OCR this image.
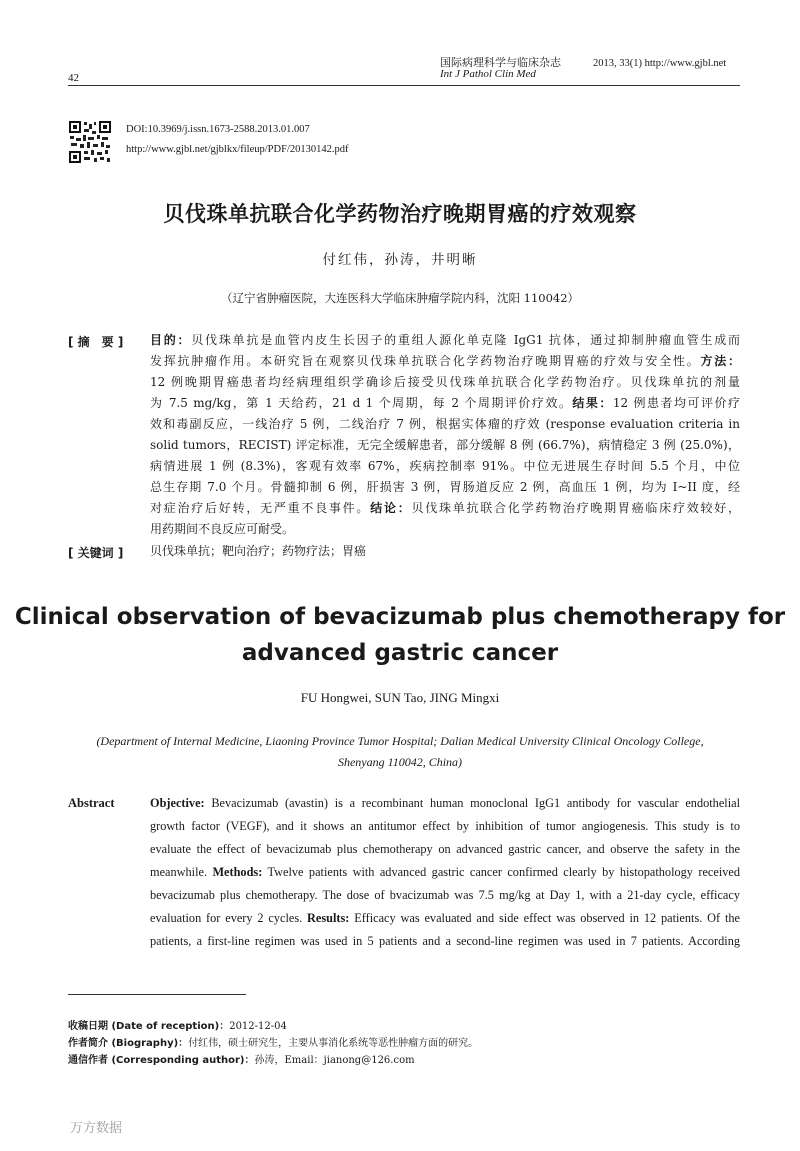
42
国际病理科学与临床杂志
Int J Pathol Clin Med
2013, 33(1) http://www.gjbl.net
DOI:10.3969/j.issn.1673-2588.2013.01.007
http://www.gjbl.net/gjblkx/fileup/PDF/20130142.pdf
贝伐珠单抗联合化学药物治疗晚期胃癌的疗效观察
付红伟，孙涛，井明晰
（辽宁省肿瘤医院，大连医科大学临床肿瘤学院内科，沈阳 110042）
[ 摘　要 ] 目的：贝伐珠单抗是血管内皮生长因子的重组人源化单克隆 IgG1 抗体，通过抑制肿瘤血管生成而
发挥抗肿瘤作用。本研究旨在观察贝伐珠单抗联合化学药物治疗晚期胃癌的疗效与安全性。方法：
12 例晚期胃癌患者均经病理组织学确诊后接受贝伐珠单抗联合化学药物治疗。贝伐珠单抗的剂量
为 7.5 mg/kg，第 1 天给药，21 d 1 个周期，每 2 个周期评价疗效。结果：12 例患者均可评价疗
效和毒副反应，一线治疗 5 例，二线治疗 7 例，根据实体瘤的疗效 (response evaluation criteria in
solid tumors，RECIST) 评定标准，无完全缓解患者，部分缓解 8 例 (66.7%)，病情稳定 3 例 (25.0%)，
病情进展 1 例 (8.3%)，客观有效率 67%，疾病控制率 91%。中位无进展生存时间 5.5 个月，中位
总生存期 7.0 个月。骨髓抑制 6 例，肝损害 3 例，胃肠道反应 2 例，高血压 1 例，均为 I~II 度，经
对症治疗后好转，无严重不良事件。结论：贝伐珠单抗联合化学药物治疗晚期胃癌临床疗效较好，
用药期间不良反应可耐受。
[ 关键词 ] 贝伐珠单抗；靶向治疗；药物疗法；胃癌
Clinical observation of bevacizumab plus chemotherapy for
advanced gastric cancer
FU Hongwei, SUN Tao, JING Mingxi
(Department of Internal Medicine, Liaoning Province Tumor Hospital; Dalian Medical University Clinical Oncology College,
Shenyang 110042, China)
Abstract	Objective: Bevacizumab (avastin) is a recombinant human monoclonal IgG1 antibody for vascular endothelial
growth factor (VEGF), and it shows an antitumor effect by inhibition of tumor angiogenesis. This study is to
evaluate the effect of bevacizumab plus chemotherapy on advanced gastric cancer, and observe the safety in the
meanwhile. Methods: Twelve patients with advanced gastric cancer confirmed clearly by histopathology received
bevacizumab plus chemotherapy. The dose of bvacizumab was 7.5 mg/kg at Day 1, with a 21-day cycle, efficacy
evaluation for every 2 cycles. Results: Efficacy was evaluated and side effect was observed in 12 patients. Of the
patients, a first-line regimen was used in 5 patients and a second-line regimen was used in 7 patients. According
收稿日期 (Date of reception)：2012-12-04
作者简介 (Biography)：付红伟，硕士研究生，主要从事消化系统等恶性肿瘤方面的研究。
通信作者 (Corresponding author)：孙涛，Email：jianong@126.com
万方数据
